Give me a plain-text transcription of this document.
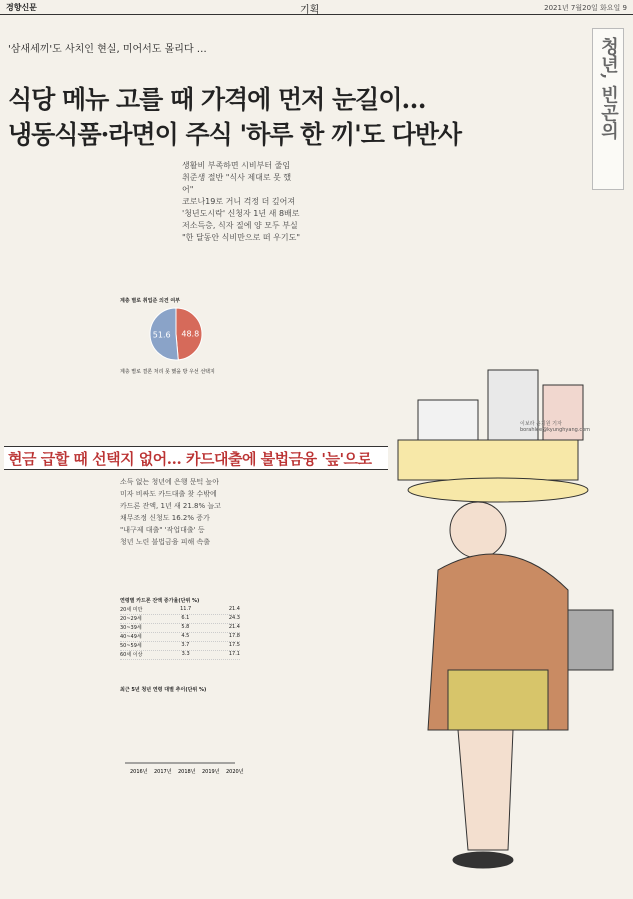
경향신문	기획	2021년 7월20일 화요일 9
'삼새세끼'도 사치인 현실, 미어서도 몰리다 …
식당 메뉴 고를 때 가격에 먼저 눈길이…
냉동식품·라면이 주식 '하루 한 끼'도 다반사	청년, 빈곤의
생활비 부족하면 시비부터 줄임
취준생 절반 "식사 제대로 못 했
어"
코로나19로 거니 걱정 더 깊어져
'청년도시락' 신청자 1년 새 8배로
저소득층, 식자 질에 양 모두 부실
"한 달동안 식비만으로 떠 우기도"
계층 별로 취업준 의견 여부
48.8
51.6
계층 별로 결론 처리 못 했을 방 우선 선택지
현금 급할 때 선택지 없어… 카드대출에 불법금융 '늪'으로
소득 없는 청년에 은행 문턱 높아
미자 비싸도 카드대출 찾 수밖에
카드론 잔액, 1년 새 21.8% 늘고
채무조정 신청도 16.2% 증가
"내구제 대출" '작업대출' 등
청년 노린 불법금융 피해 속출
연령별 카드론 잔액 증가율(단위 %)
20세 미만	11.7	21.4
20~29세	6.1	24.3
30~39세	5.8	21.4
40~49세	4.5	17.8
50~59세	3.7	17.5
60세 이상	3.3	17.1
최근 5년 청년 연령 대별 추이(단위 %)
2016년 2017년 2018년 2019년 2020년
이보라 윤기원 기자 borahlee@kyunghyang.com
